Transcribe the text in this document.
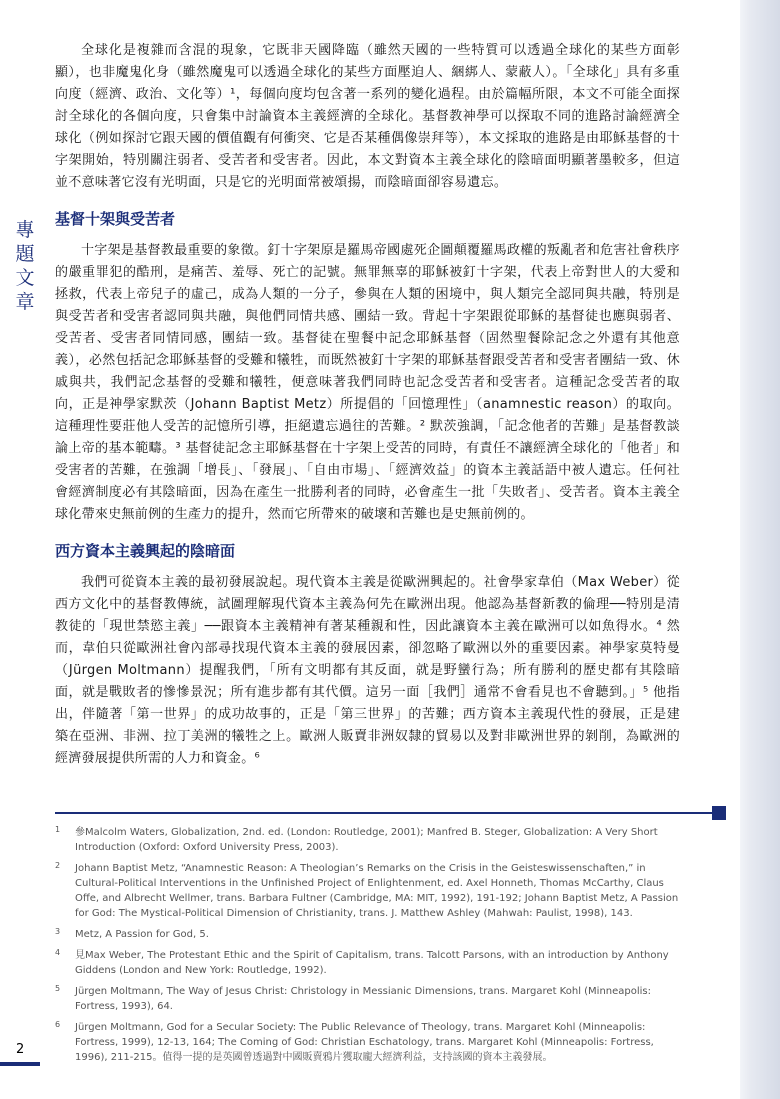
專
題
文
章

全球化是複雜而含混的現象，它既非天國降臨（雖然天國的一些特質可以透過全球化的某些方面彰顯），也非魔鬼化身（雖然魔鬼可以透過全球化的某些方面壓迫人、綑綁人、蒙蔽人）。「全球化」具有多重向度（經濟、政治、文化等）¹，每個向度均包含著一系列的變化過程。由於篇幅所限，本文不可能全面探討全球化的各個向度，只會集中討論資本主義經濟的全球化。基督教神學可以探取不同的進路討論經濟全球化（例如探討它跟天國的價值觀有何衝突、它是否某種偶像崇拜等），本文採取的進路是由耶穌基督的十字架開始，特別關注弱者、受苦者和受害者。因此，本文對資本主義全球化的陰暗面明顯著墨較多，但這並不意味著它沒有光明面，只是它的光明面常被頌揚，而陰暗面卻容易遺忘。

基督十架與受苦者

十字架是基督教最重要的象徵。釘十字架原是羅馬帝國處死企圖顛覆羅馬政權的叛亂者和危害社會秩序的嚴重罪犯的酷刑，是痛苦、羞辱、死亡的記號。無罪無辜的耶穌被釘十字架，代表上帝對世人的大愛和拯救，代表上帝兒子的虛己，成為人類的一分子，參與在人類的困境中，與人類完全認同與共融，特別是與受苦者和受害者認同與共融，與他們同情共感、團結一致。背起十字架跟從耶穌的基督徒也應與弱者、受苦者、受害者同情同感，團結一致。基督徒在聖餐中記念耶穌基督（固然聖餐除記念之外還有其他意義），必然包括記念耶穌基督的受難和犧牲，而既然被釘十字架的耶穌基督跟受苦者和受害者團結一致、休戚與共，我們記念基督的受難和犧牲，便意味著我們同時也記念受苦者和受害者。這種記念受苦者的取向，正是神學家默茨（Johann Baptist Metz）所提倡的「回憶理性」（anamnestic reason）的取向。這種理性要莊他人受苦的記憶所引導，拒絕遺忘過往的苦難。² 默茨強調，「記念他者的苦難」是基督教談論上帝的基本範疇。³ 基督徒記念主耶穌基督在十字架上受苦的同時，有責任不讓經濟全球化的「他者」和受害者的苦難，在強調「增長」、「發展」、「自由市場」、「經濟效益」的資本主義話語中被人遺忘。任何社會經濟制度必有其陰暗面，因為在產生一批勝利者的同時，必會產生一批「失敗者」、受苦者。資本主義全球化帶來史無前例的生產力的提升，然而它所帶來的破壞和苦難也是史無前例的。

西方資本主義興起的陰暗面

我們可從資本主義的最初發展說起。現代資本主義是從歐洲興起的。社會學家韋伯（Max Weber）從西方文化中的基督教傳統，試圖理解現代資本主義為何先在歐洲出現。他認為基督新教的倫理──特別是清教徒的「現世禁慾主義」──跟資本主義精神有著某種親和性，因此讓資本主義在歐洲可以如魚得水。⁴ 然而，韋伯只從歐洲社會內部尋找現代資本主義的發展因素，卻忽略了歐洲以外的重要因素。神學家莫特曼（Jürgen Moltmann）提醒我們，「所有文明都有其反面，就是野蠻行為；所有勝利的歷史都有其陰暗面，就是戰敗者的慘慘景況；所有進步都有其代價。這另一面［我們］通常不會看見也不會聽到。」⁵ 他指出，伴隨著「第一世界」的成功故事的，正是「第三世界」的苦難；西方資本主義現代性的發展，正是建築在亞洲、非洲、拉丁美洲的犧牲之上。歐洲人販賣非洲奴隸的貿易以及對非歐洲世界的剝削，為歐洲的經濟發展提供所需的人力和資金。⁶

1 參Malcolm Waters, Globalization, 2nd. ed. (London: Routledge, 2001); Manfred B. Steger, Globalization: A Very Short Introduction (Oxford: Oxford University Press, 2003).
2 Johann Baptist Metz, “Anamnestic Reason: A Theologian’s Remarks on the Crisis in the Geisteswissenschaften,” in Cultural-Political Interventions in the Unfinished Project of Enlightenment, ed. Axel Honneth, Thomas McCarthy, Claus Offe, and Albrecht Wellmer, trans. Barbara Fultner (Cambridge, MA: MIT, 1992), 191-192; Johann Baptist Metz, A Passion for God: The Mystical-Political Dimension of Christianity, trans. J. Matthew Ashley (Mahwah: Paulist, 1998), 143.
3 Metz, A Passion for God, 5.
4 見Max Weber, The Protestant Ethic and the Spirit of Capitalism, trans. Talcott Parsons, with an introduction by Anthony Giddens (London and New York: Routledge, 1992).
5 Jürgen Moltmann, The Way of Jesus Christ: Christology in Messianic Dimensions, trans. Margaret Kohl (Minneapolis: Fortress, 1993), 64.
6 Jürgen Moltmann, God for a Secular Society: The Public Relevance of Theology, trans. Margaret Kohl (Minneapolis: Fortress, 1999), 12-13, 164; The Coming of God: Christian Eschatology, trans. Margaret Kohl (Minneapolis: Fortress, 1996), 211-215。值得一提的是英國曾透過對中國販賣鴉片獲取龐大經濟利益，支持該國的資本主義發展。
2
